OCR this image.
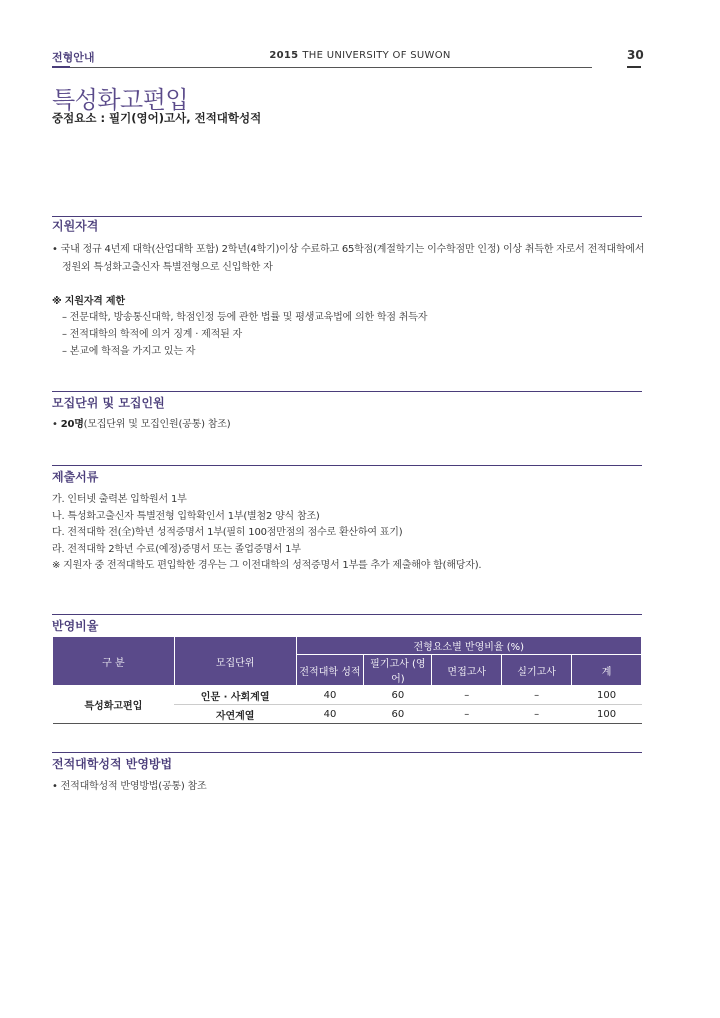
전형안내	2015 THE UNIVERSITY OF SUWON	30
특성화고편입
중점요소 : 필기(영어)고사, 전적대학성적
지원자격
• 국내 정규 4년제 대학(산업대학 포함) 2학년(4학기)이상 수료하고 65학점(계절학기는 이수학점만 인정) 이상 취득한 자로서 전적대학에서
정원외 특성화고출신자 특별전형으로 신입학한 자
※ 지원자격 제한
– 전문대학, 방송통신대학, 학점인정 등에 관한 법률 및 평생교육법에 의한 학점 취득자
– 전적대학의 학적에 의거 징계 · 제적된 자
– 본교에 학적을 가지고 있는 자
모집단위 및 모집인원
• 20명(모집단위 및 모집인원(공통) 참조)
제출서류
가. 인터넷 출력본 입학원서 1부
나. 특성화고출신자 특별전형 입학확인서 1부(별첨2 양식 참조)
다. 전적대학 전(全)학년 성적증명서 1부(필히 100점만점의 점수로 환산하여 표기)
라. 전적대학 2학년 수료(예정)증명서 또는 졸업증명서 1부
※ 지원자 중 전적대학도 편입학한 경우는 그 이전대학의 성적증명서 1부를 추가 제출해야 함(해당자).
반영비율
구 분	모집단위	전형요소별 반영비율 (%)				
		전적대학 성적	필기고사 (영어)	면접고사	실기고사	계
특성화고편입	인문 · 사회계열	40	60	–	–	100
	자연계열	40	60	–	–	100
전적대학성적 반영방법
• 전적대학성적 반영방법(공통) 참조
